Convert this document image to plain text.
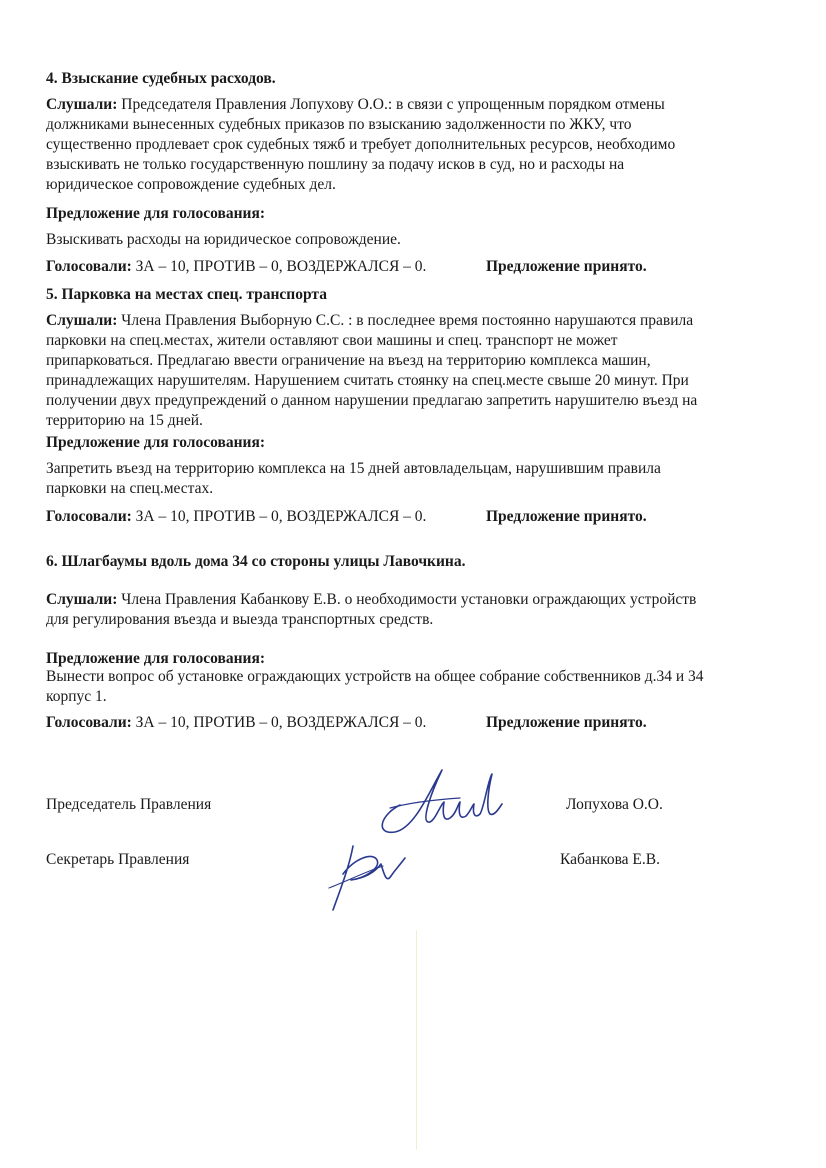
4. Взыскание судебных расходов.
Слушали: Председателя Правления Лопухову О.О.: в связи с упрощенным порядком отмены
должниками вынесенных судебных приказов по взысканию задолженности по ЖКУ, что
существенно продлевает срок судебных тяжб и требует дополнительных ресурсов, необходимо
взыскивать не только государственную пошлину за подачу исков в суд, но и расходы на
юридическое сопровождение судебных дел.
Предложение для голосования:
Взыскивать расходы на юридическое сопровождение.
Голосовали: ЗА – 10, ПРОТИВ – 0, ВОЗДЕРЖАЛСЯ – 0.	Предложение принято.
5. Парковка на местах спец. транспорта
Слушали: Члена Правления Выборную С.С. : в последнее время постоянно нарушаются правила
парковки на спец.местах, жители оставляют свои машины и спец. транспорт не может
припарковаться. Предлагаю ввести ограничение на въезд на территорию комплекса машин,
принадлежащих нарушителям. Нарушением считать стоянку на спец.месте свыше 20 минут. При
получении двух предупреждений о данном нарушении предлагаю запретить нарушителю въезд на
территорию на 15 дней.
Предложение для голосования:
Запретить въезд на территорию комплекса на 15 дней автовладельцам, нарушившим правила
парковки на спец.местах.
Голосовали: ЗА – 10, ПРОТИВ – 0, ВОЗДЕРЖАЛСЯ – 0.	Предложение принято.
6. Шлагбаумы вдоль дома 34 со стороны улицы Лавочкина.
Слушали: Члена Правления Кабанкову Е.В. о необходимости установки ограждающих устройств
для регулирования въезда и выезда транспортных средств.
Предложение для голосования:
Вынести вопрос об установке ограждающих устройств на общее собрание собственников д.34 и 34
корпус 1.
Голосовали: ЗА – 10, ПРОТИВ – 0, ВОЗДЕРЖАЛСЯ – 0.	Предложение принято.
Председатель Правления	Лопухова О.О.
Секретарь Правления	Кабанкова Е.В.
